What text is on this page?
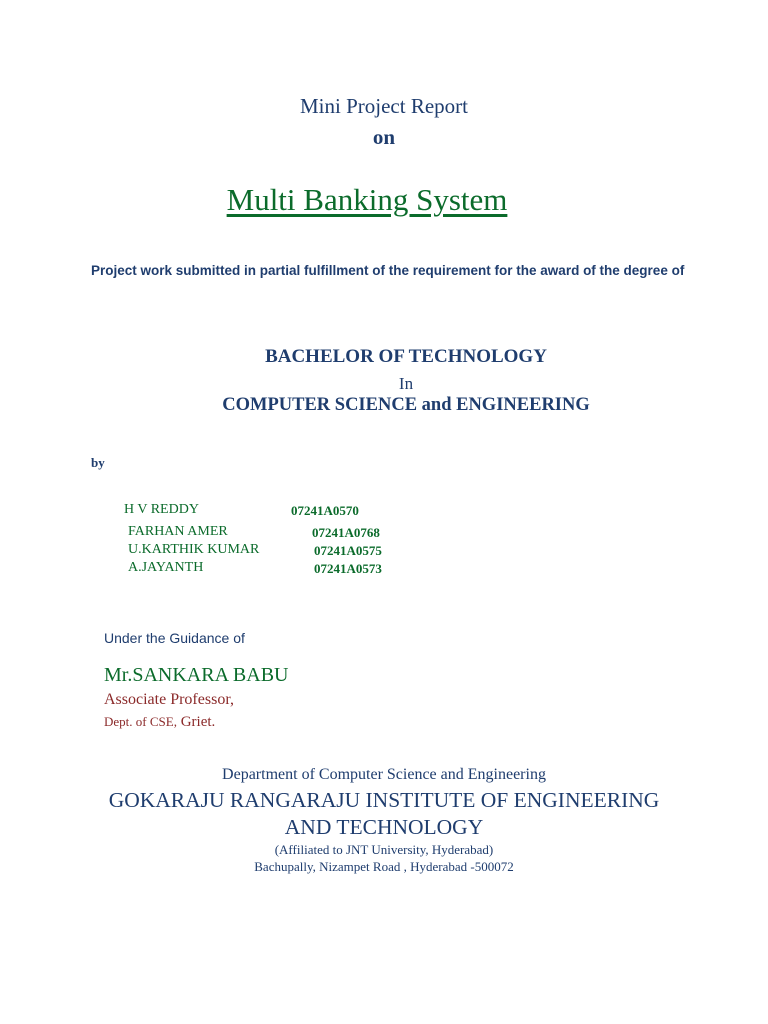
Mini Project Report
on
Multi Banking System
Project work submitted in partial fulfillment of the requirement for the award of the degree of
BACHELOR OF TECHNOLOGY
In
COMPUTER SCIENCE and ENGINEERING
by
H V REDDY	07241A0570
FARHAN AMER	07241A0768
U.KARTHIK KUMAR	07241A0575
A.JAYANTH	07241A0573
Under the Guidance of
Mr.SANKARA BABU
Associate Professor,
Dept. of CSE, Griet.
Department of Computer Science and Engineering
GOKARAJU RANGARAJU INSTITUTE OF ENGINEERING
AND TECHNOLOGY
(Affiliated to JNT University, Hyderabad)
Bachupally, Nizampet Road , Hyderabad -500072
